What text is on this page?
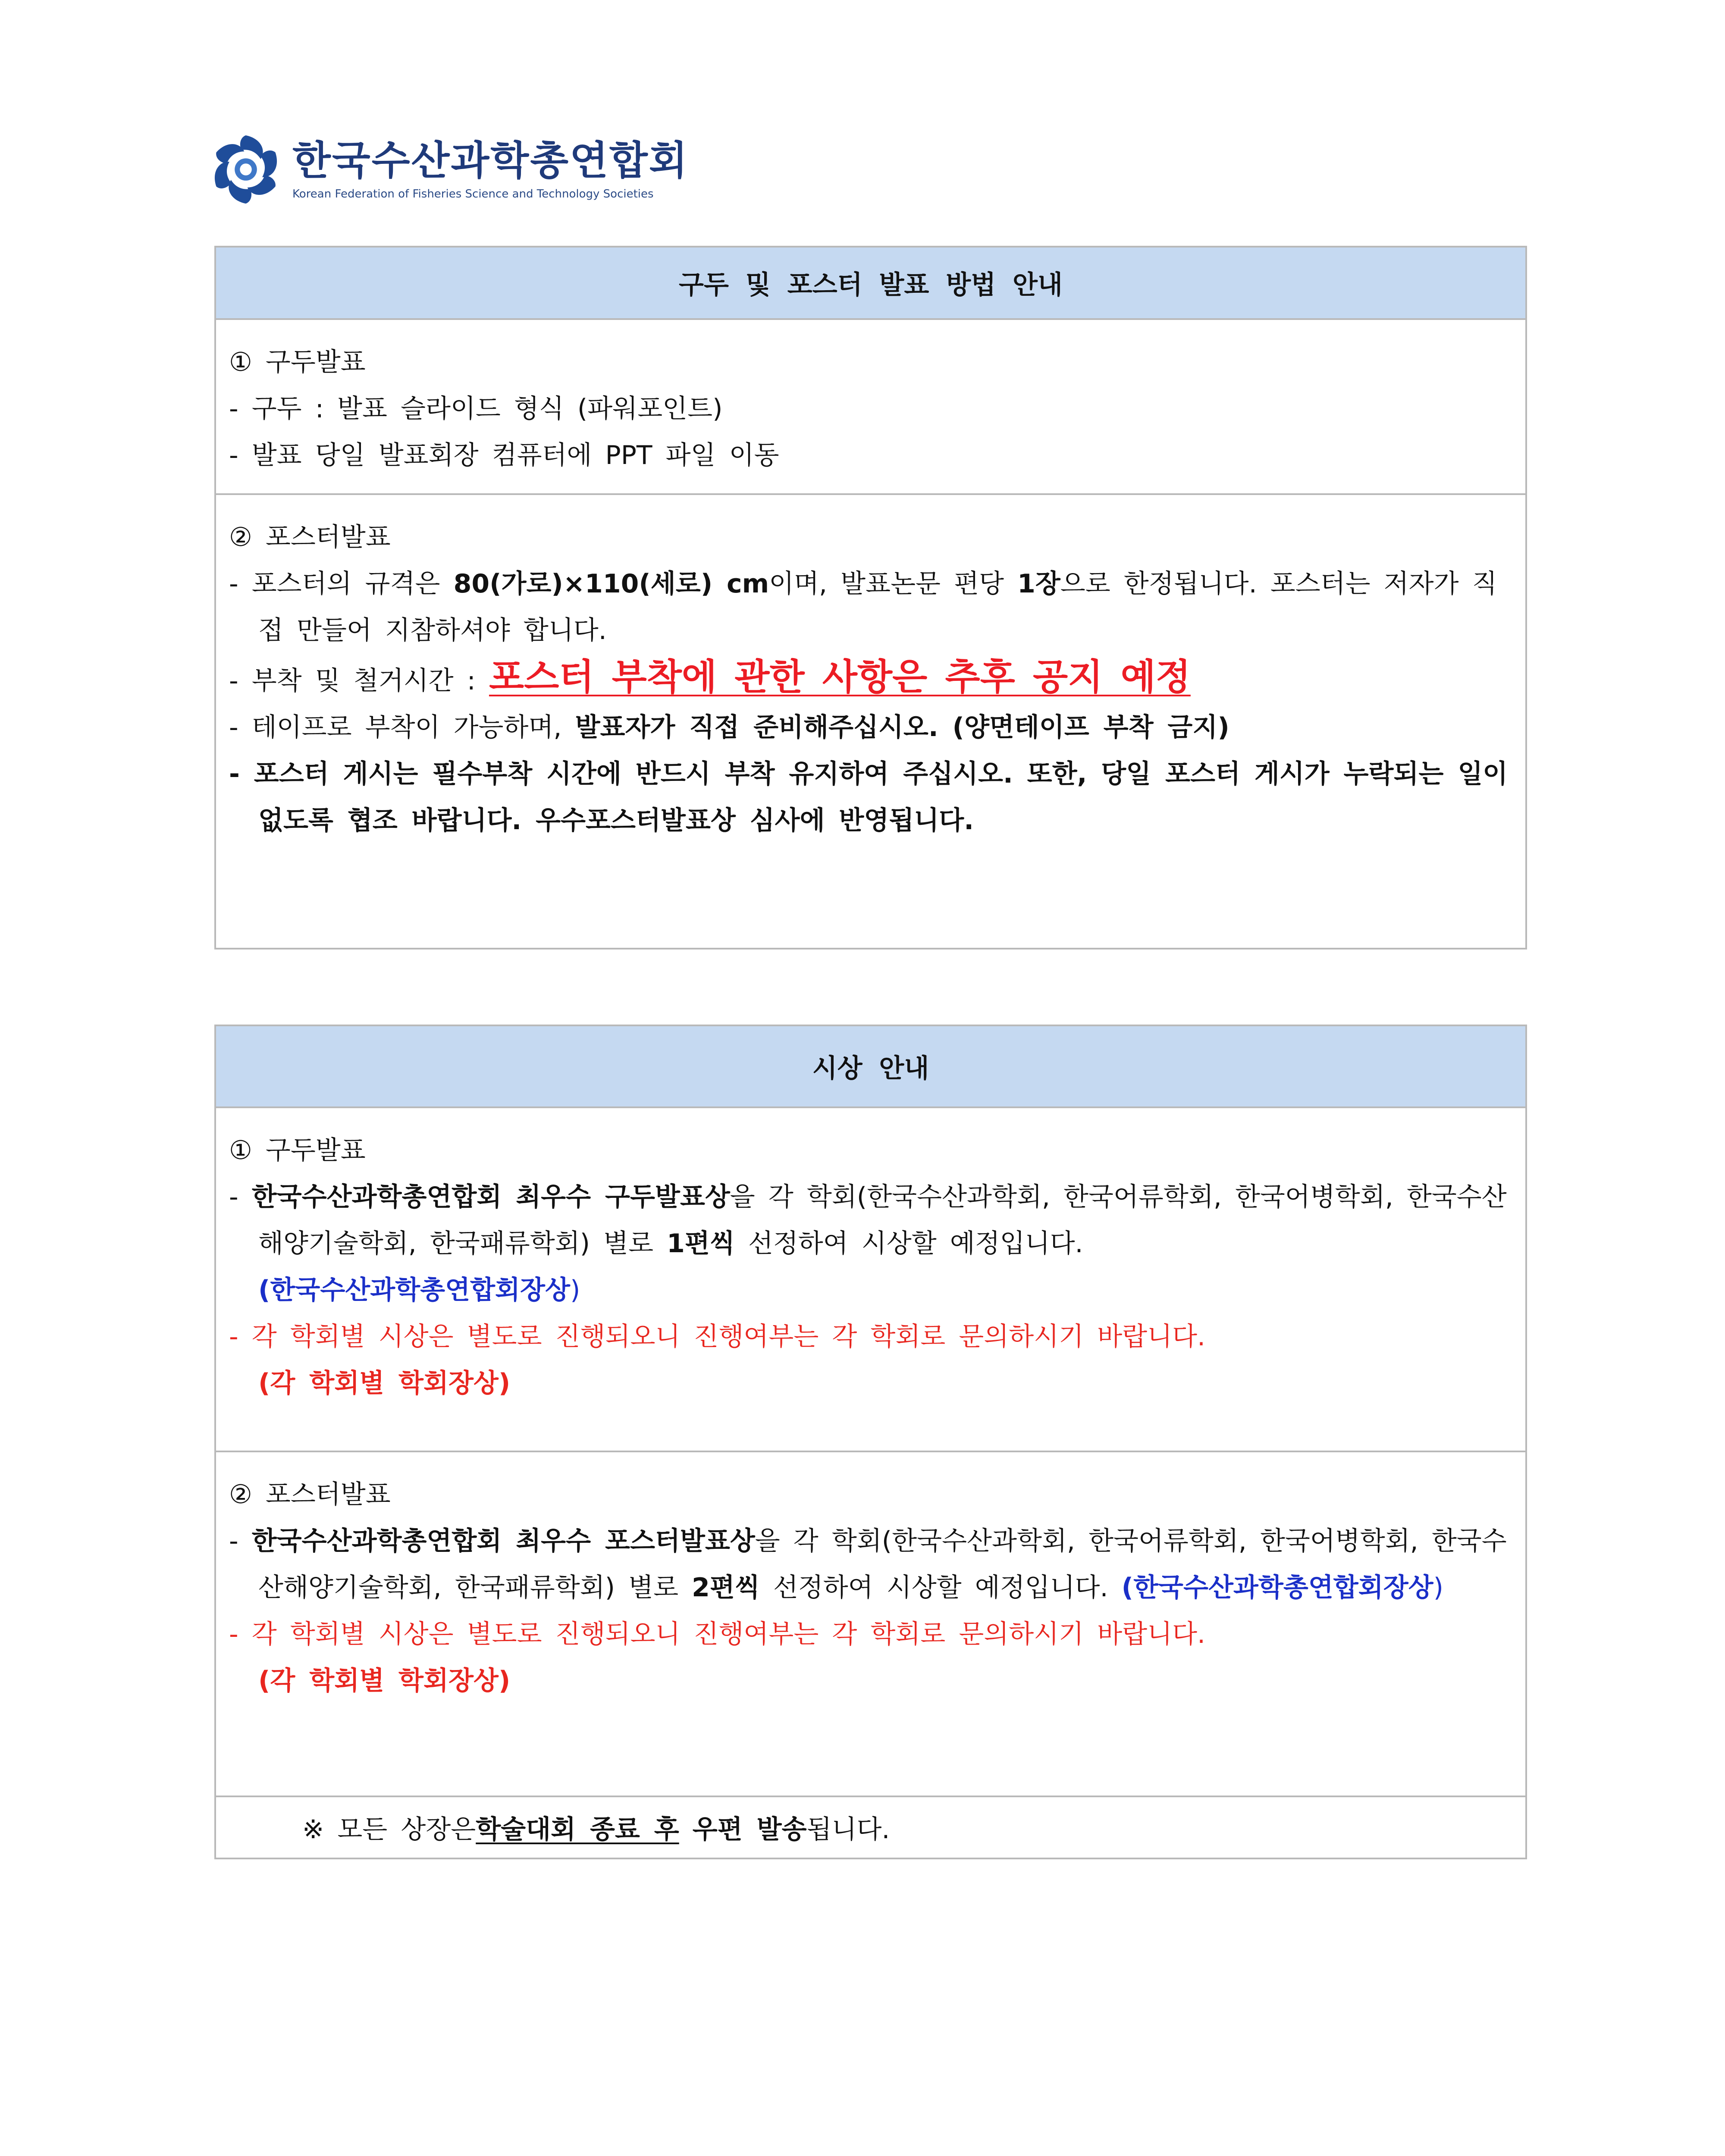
한국수산과학총연합회
Korean Federation of Fisheries Science and Technology Societies
구두 및 포스터 발표 방법 안내
① 구두발표
- 구두 : 발표 슬라이드 형식 (파워포인트)
- 발표 당일 발표회장 컴퓨터에 PPT 파일 이동
② 포스터발표
- 포스터의 규격은 80(가로)×110(세로) cm이며, 발표논문 편당 1장으로 한정됩니다. 포스터는 저자가 직접 만들어 지참하셔야 합니다.
- 부착 및 철거시간 : 포스터 부착에 관한 사항은 추후 공지 예정
- 테이프로 부착이 가능하며, 발표자가 직접 준비해주십시오. (양면테이프 부착 금지)
- 포스터 게시는 필수부착 시간에 반드시 부착 유지하여 주십시오. 또한, 당일 포스터 게시가 누락되는 일이 없도록 협조 바랍니다. 우수포스터발표상 심사에 반영됩니다.
시상 안내
① 구두발표
- 한국수산과학총연합회 최우수 구두발표상을 각 학회(한국수산과학회, 한국어류학회, 한국어병학회, 한국수산해양기술학회, 한국패류학회) 별로 1편씩 선정하여 시상할 예정입니다.
(한국수산과학총연합회장상)
- 각 학회별 시상은 별도로 진행되오니 진행여부는 각 학회로 문의하시기 바랍니다.
(각 학회별 학회장상)
② 포스터발표
- 한국수산과학총연합회 최우수 포스터발표상을 각 학회(한국수산과학회, 한국어류학회, 한국어병학회, 한국수산해양기술학회, 한국패류학회) 별로 2편씩 선정하여 시상할 예정입니다. (한국수산과학총연합회장상)
- 각 학회별 시상은 별도로 진행되오니 진행여부는 각 학회로 문의하시기 바랍니다.
(각 학회별 학회장상)
※ 모든 상장은 학술대회 종료 후
우편 발송 됩니다.
